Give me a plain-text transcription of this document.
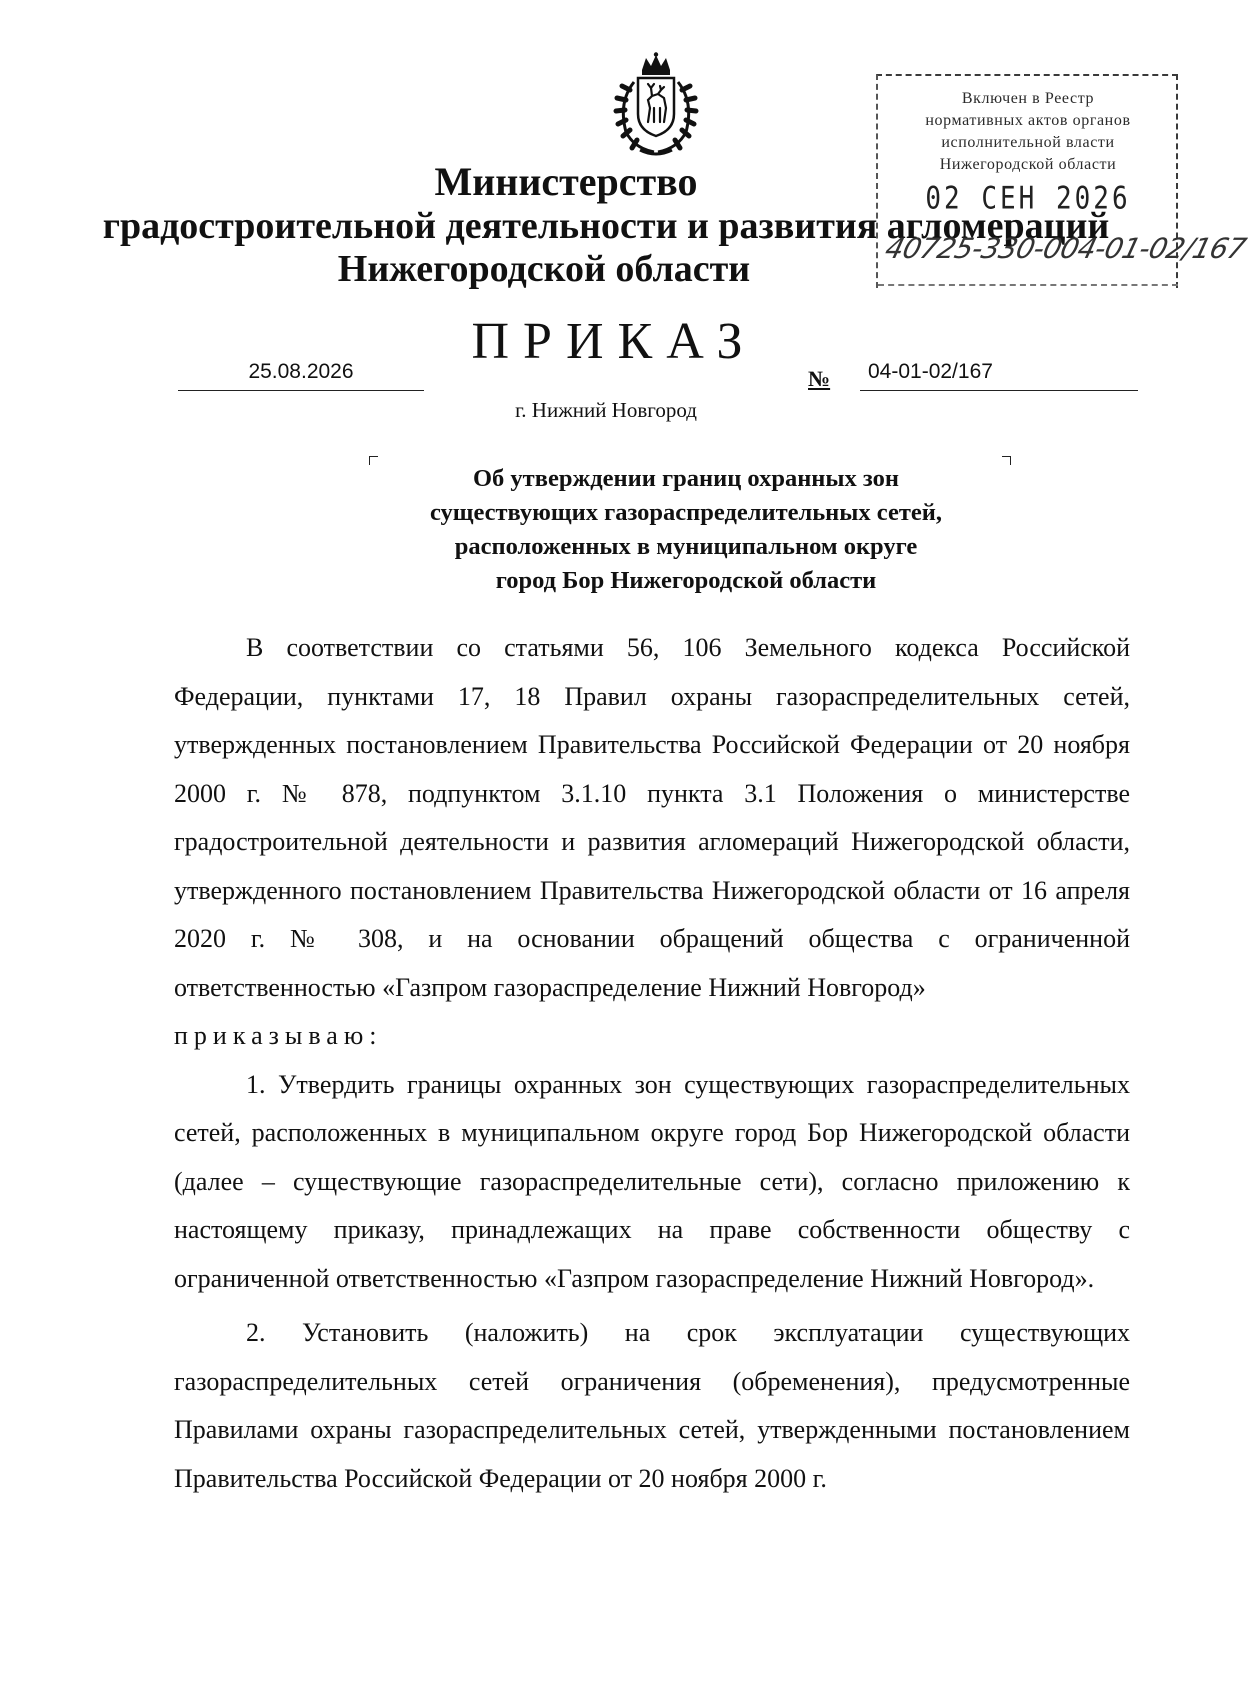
Министерство
градостроительной деятельности и развития агломераций
Нижегородской области
Включен в Реестр
нормативных актов органов
исполнительной власти
Нижегородской области
02 СЕН 2026
40725-330-004-01-02/167
ПРИКАЗ
25.08.2026	№	04-01-02/167
г. Нижний Новгород
Об утверждении границ охранных зон
существующих газораспределительных сетей,
расположенных в муниципальном округе
город Бор Нижегородской области

В соответствии со статьями 56, 106 Земельного кодекса Российской Федерации, пунктами 17, 18 Правил охраны газораспределительных сетей, утвержденных постановлением Правительства Российской Федерации от 20 ноября 2000 г. № 878, подпунктом 3.1.10 пункта 3.1 Положения о министерстве градостроительной деятельности и развития агломераций Нижегородской области, утвержденного постановлением Правительства Нижегородской области от 16 апреля 2020 г. № 308, и на основании обращений общества с ограниченной ответственностью «Газпром газораспределение Нижний Новгород»

приказываю:

1. Утвердить границы охранных зон существующих газораспределительных сетей, расположенных в муниципальном округе город Бор Нижегородской области (далее – существующие газораспределительные сети), согласно приложению к настоящему приказу, принадлежащих на праве собственности обществу с ограниченной ответственностью «Газпром газораспределение Нижний Новгород».

2. Установить (наложить) на срок эксплуатации существующих газораспределительных сетей ограничения (обременения), предусмотренные Правилами охраны газораспределительных сетей, утвержденными постановлением Правительства Российской Федерации от 20 ноября 2000 г.
